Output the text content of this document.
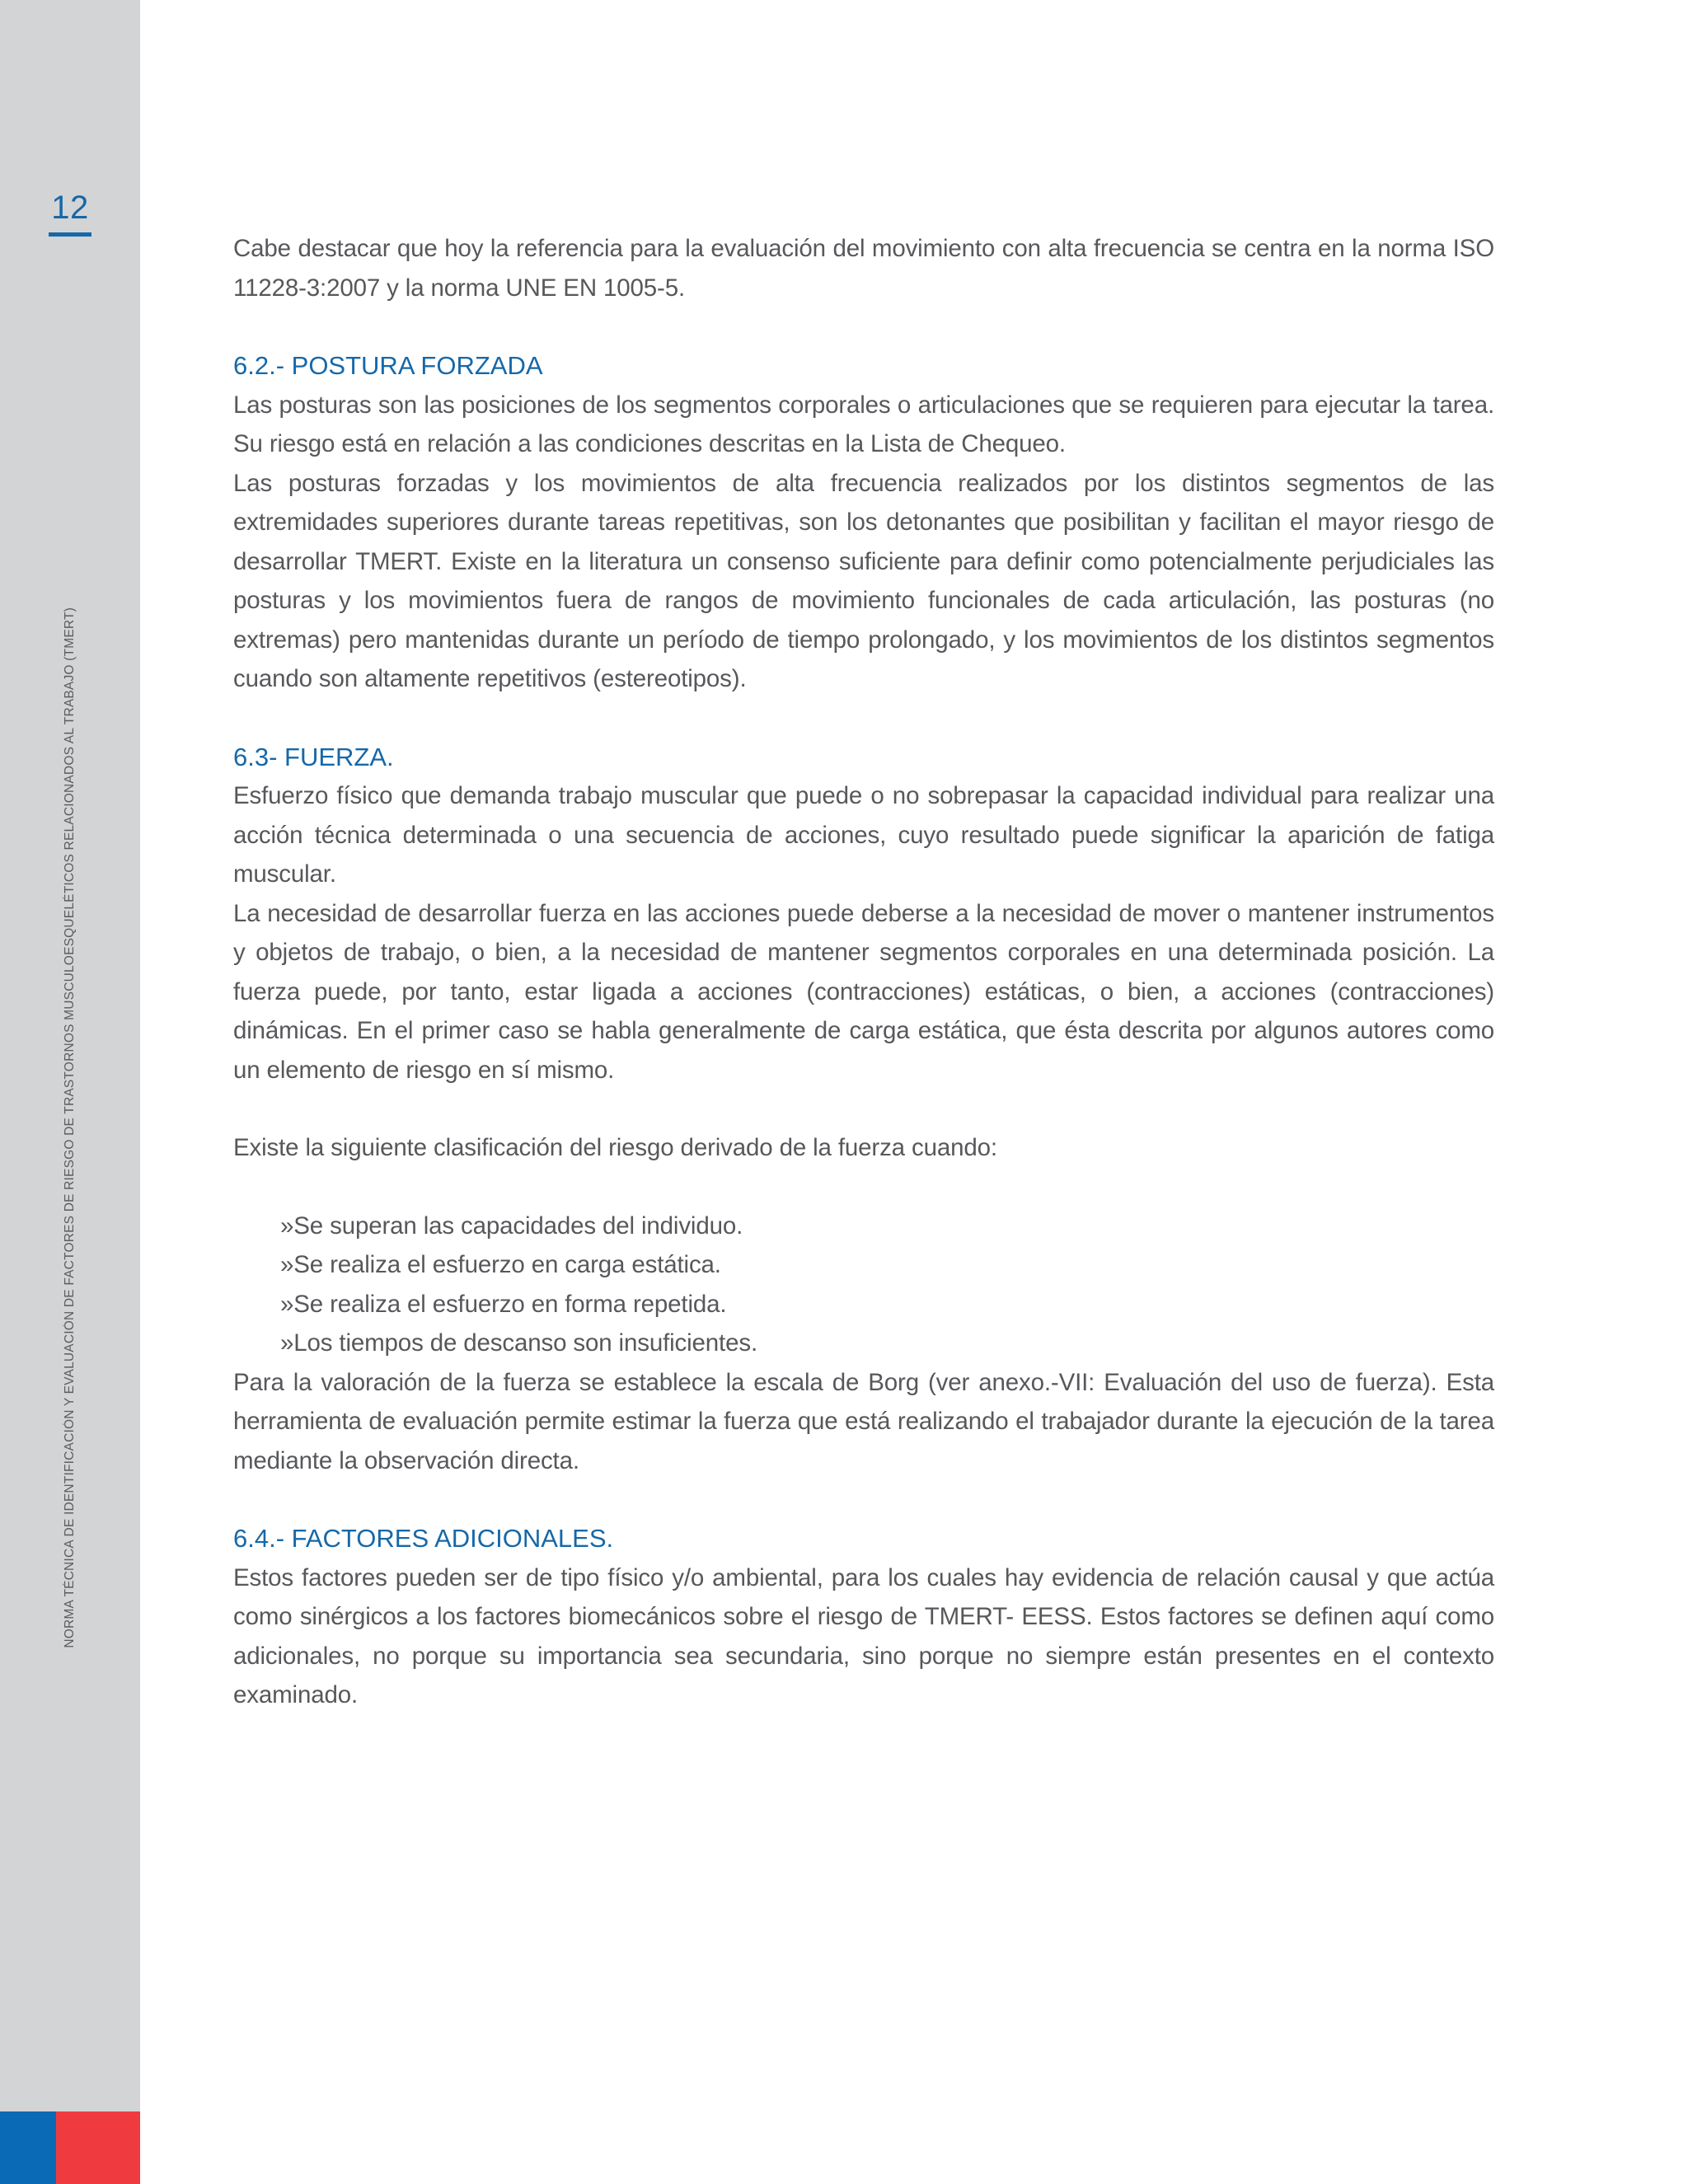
12
NORMA TÉCNICA DE IDENTIFICACIÓN Y EVALUACIÓN DE FACTORES DE RIESGO DE TRASTORNOS MUSCULOESQUELÉTICOS RELACIONADOS AL TRABAJO (TMERT)

Cabe destacar que hoy la referencia para la evaluación del movimiento con alta frecuencia se centra en la norma ISO 11228-3:2007 y la norma UNE EN 1005-5.

6.2.- POSTURA FORZADA

Las posturas son las posiciones de los segmentos corporales o articulaciones que se requieren para ejecutar la tarea. Su riesgo está en relación a las condiciones descritas en la Lista de Chequeo.

Las posturas forzadas y los movimientos de alta frecuencia realizados por los distintos segmentos de las extremidades superiores durante tareas repetitivas, son los detonantes que posibilitan y facilitan el mayor riesgo de desarrollar TMERT. Existe en la literatura un consenso suficiente para definir como potencialmente perjudiciales las posturas y los movimientos fuera de rangos de movimiento funcionales de cada articulación, las posturas (no extremas) pero mantenidas durante un período de tiempo prolongado, y los movimientos de los distintos segmentos cuando son altamente repetitivos (estereotipos).

6.3- FUERZA.

Esfuerzo físico que demanda trabajo muscular que puede o no sobrepasar la capacidad individual para realizar una acción técnica determinada o una secuencia de acciones, cuyo resultado puede significar la aparición de fatiga muscular.

La necesidad de desarrollar fuerza en las acciones puede deberse a la necesidad de mover o mantener instrumentos y objetos de trabajo, o bien, a la necesidad de mantener segmentos corporales en una determinada posición. La fuerza puede, por tanto, estar ligada a acciones (contracciones) estáticas, o bien, a acciones (contracciones) dinámicas. En el primer caso se habla generalmente de carga estática, que ésta descrita por algunos autores como un elemento de riesgo en sí mismo.

Existe la siguiente clasificación del riesgo derivado de la fuerza cuando:

»Se superan las capacidades del individuo.
»Se realiza el esfuerzo en carga estática.
»Se realiza el esfuerzo en forma repetida.
»Los tiempos de descanso son insuficientes.

Para la valoración de la fuerza se establece la escala de Borg (ver anexo.-VII: Evaluación del uso de fuerza). Esta herramienta de evaluación permite estimar la fuerza que está realizando el trabajador durante la ejecución de la tarea mediante la observación directa.

6.4.- FACTORES ADICIONALES.

Estos factores pueden ser de tipo físico y/o ambiental, para los cuales hay evidencia de relación causal y que actúa como sinérgicos a los factores biomecánicos sobre el riesgo de TMERT- EESS. Estos factores se definen aquí como adicionales, no porque su importancia sea secundaria, sino porque no siempre están presentes en el contexto examinado.
